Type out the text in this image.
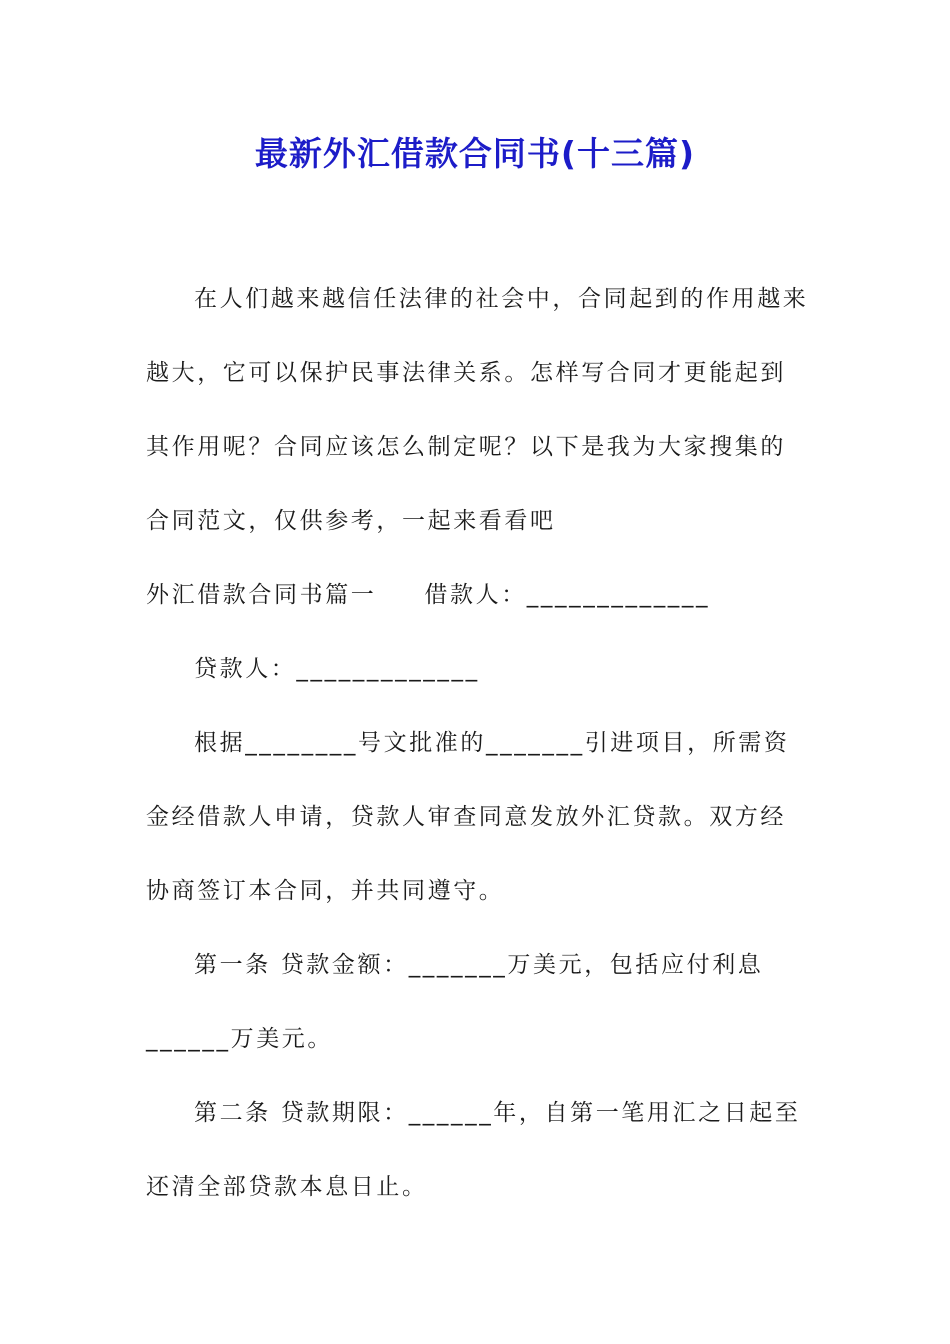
最新外汇借款合同书(十三篇)

在人们越来越信任法律的社会中，合同起到的作用越来越大，它可以保护民事法律关系。怎样写合同才更能起到其作用呢？合同应该怎么制定呢？以下是我为大家搜集的合同范文，仅供参考，一起来看看吧

外汇借款合同书篇一 借款人：_____________

贷款人：_____________

根据________号文批准的_______引进项目，所需资金经借款人申请，贷款人审查同意发放外汇贷款。双方经协商签订本合同，并共同遵守。

第一条 贷款金额：_______万美元，包括应付利息______万美元。

第二条 贷款期限：______年，自第一笔用汇之日起至还清全部贷款本息日止。
